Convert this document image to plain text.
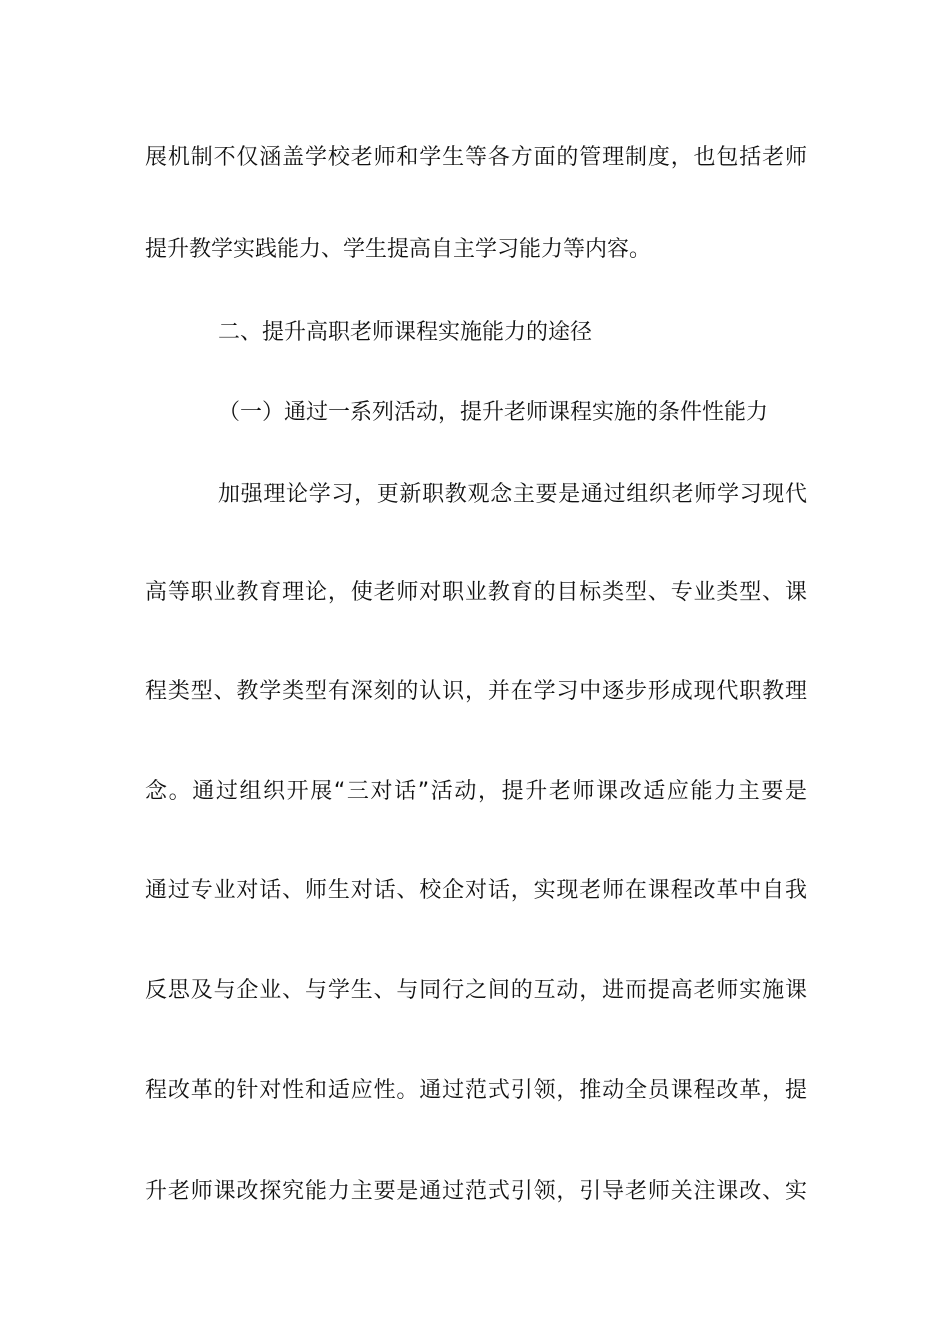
展机制不仅涵盖学校老师和学生等各方面的管理制度，也包括老师
提升教学实践能力、学生提高自主学习能力等内容。
二、提升高职老师课程实施能力的途径
（一）通过一系列活动，提升老师课程实施的条件性能力
加强理论学习，更新职教观念主要是通过组织老师学习现代
高等职业教育理论，使老师对职业教育的目标类型、专业类型、课
程类型、教学类型有深刻的认识，并在学习中逐步形成现代职教理
念。通过组织开展“三对话”活动，提升老师课改适应能力主要是
通过专业对话、师生对话、校企对话，实现老师在课程改革中自我
反思及与企业、与学生、与同行之间的互动，进而提高老师实施课
程改革的针对性和适应性。通过范式引领，推动全员课程改革，提
升老师课改探究能力主要是通过范式引领，引导老师关注课改、实
